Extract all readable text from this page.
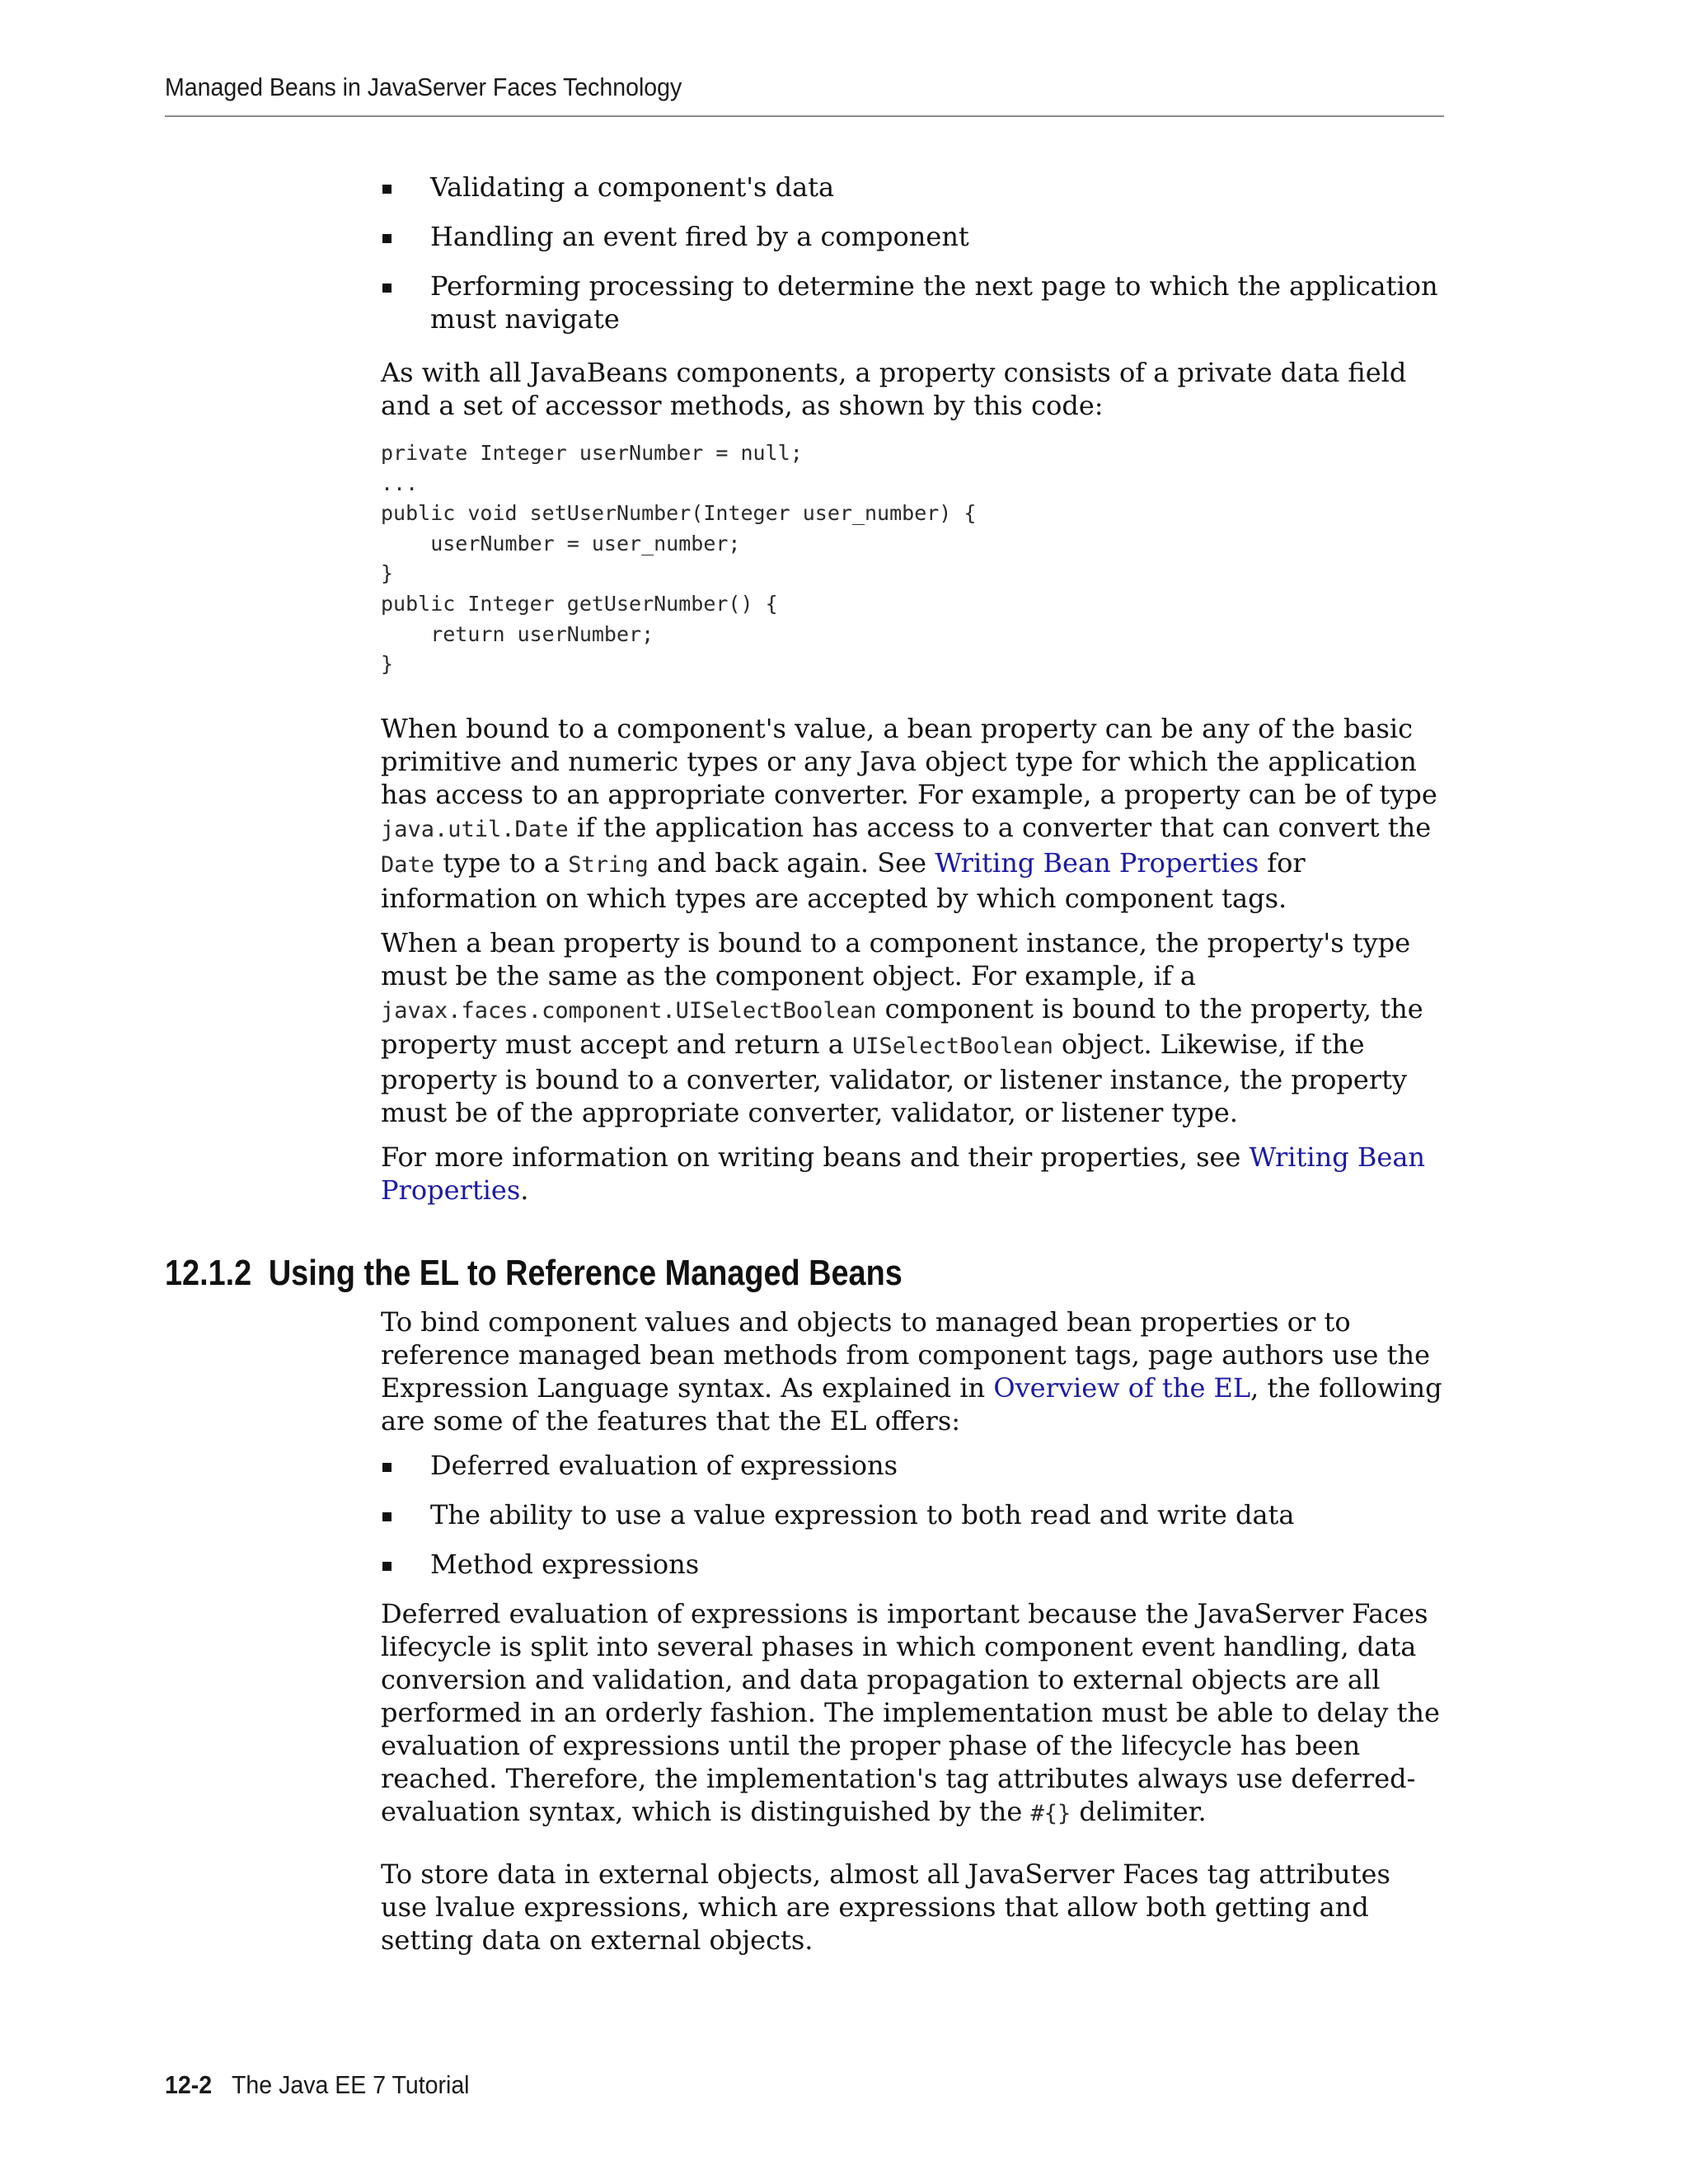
Managed Beans in JavaServer Faces Technology
Validating a component's data
Handling an event fired by a component
Performing processing to determine the next page to which the application must navigate

As with all JavaBeans components, a property consists of a private data field and a set of accessor methods, as shown by this code:

private Integer userNumber = null;
...
public void setUserNumber(Integer user_number) {
userNumber = user_number;
}
public Integer getUserNumber() {
return userNumber;
}

When bound to a component's value, a bean property can be any of the basic primitive and numeric types or any Java object type for which the application has access to an appropriate converter. For example, a property can be of type java.util.Date if the application has access to a converter that can convert the Date type to a String and back again. See Writing Bean Properties for information on which types are accepted by which component tags.

When a bean property is bound to a component instance, the property's type must be the same as the component object. For example, if a javax.faces.component.UISelectBoolean component is bound to the property, the property must accept and return a UISelectBoolean object. Likewise, if the property is bound to a converter, validator, or listener instance, the property must be of the appropriate converter, validator, or listener type.

For more information on writing beans and their properties, see Writing Bean Properties.

12.1.2 Using the EL to Reference Managed Beans

To bind component values and objects to managed bean properties or to reference managed bean methods from component tags, page authors use the Expression Language syntax. As explained in Overview of the EL, the following are some of the features that the EL offers:

Deferred evaluation of expressions
The ability to use a value expression to both read and write data
Method expressions

Deferred evaluation of expressions is important because the JavaServer Faces lifecycle is split into several phases in which component event handling, data conversion and validation, and data propagation to external objects are all performed in an orderly fashion. The implementation must be able to delay the evaluation of expressions until the proper phase of the lifecycle has been reached. Therefore, the implementation's tag attributes always use deferred-evaluation syntax, which is distinguished by the #{} delimiter.

To store data in external objects, almost all JavaServer Faces tag attributes use lvalue expressions, which are expressions that allow both getting and setting data on external objects.

12-2 The Java EE 7 Tutorial
